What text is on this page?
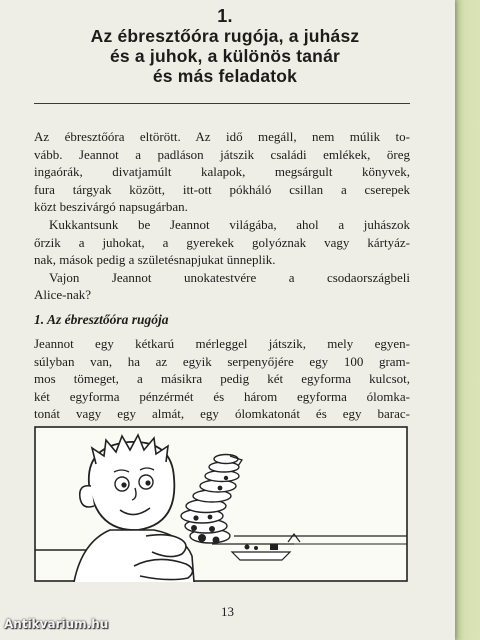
1.
Az ébresztőóra rugója, a juhász
és a juhok, a különös tanár
és más feladatok
Az ébresztőóra eltörött. Az idő megáll, nem múlik to-
vább. Jeannot a padláson játszik családi emlékek, öreg
ingaórák, divatjamúlt kalapok, megsárgult könyvek,
fura tárgyak között, itt-ott pókháló csillan a cserepek
közt beszivárgó napsugárban.
Kukkantsunk be Jeannot világába, ahol a juhászok
őrzik a juhokat, a gyerekek golyóznak vagy kártyáz-
nak, mások pedig a születésnapjukat ünneplik.
Vajon Jeannot unokatestvére a csodaországbeli
Alice-nak?
1. Az ébresztőóra rugója
Jeannot egy kétkarú mérleggel játszik, mely egyen-
súlyban van, ha az egyik serpenyőjére egy 100 gram-
mos tömeget, a másikra pedig két egyforma kulcsot,
két egyforma pénzérmét és három egyforma ólomka-
tonát vagy egy almát, egy ólomkatonát és egy barac-
13
Antikvarium.hu
